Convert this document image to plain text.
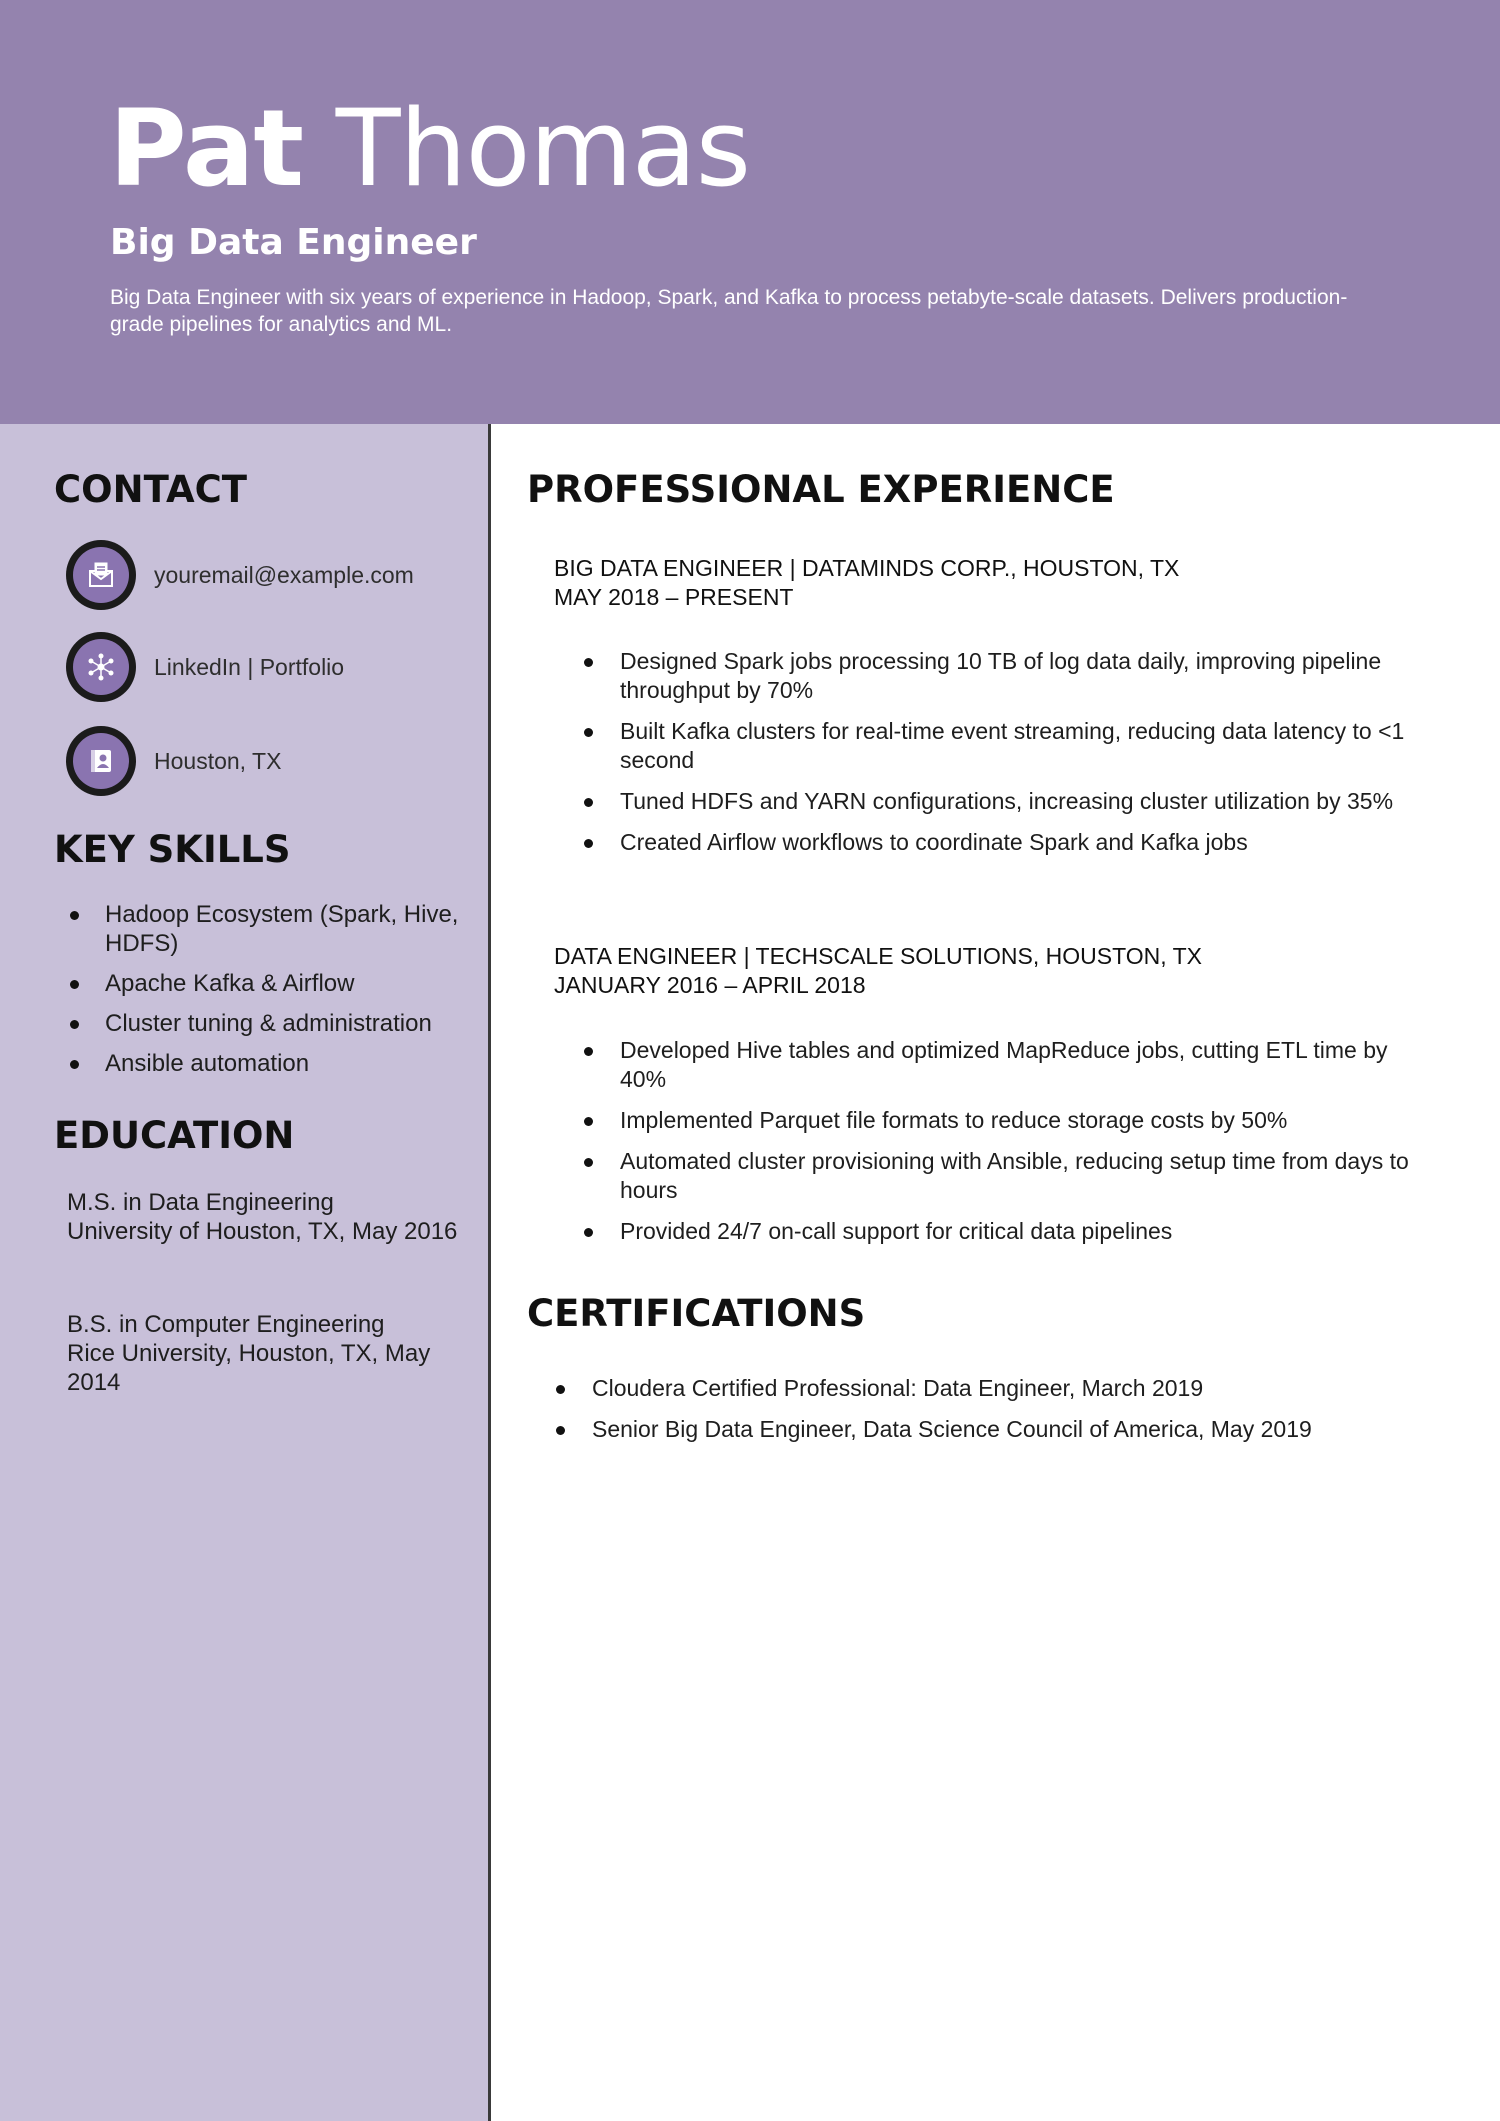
Pat Thomas
Big Data Engineer
Big Data Engineer with six years of experience in Hadoop, Spark, and Kafka to process petabyte-scale datasets. Delivers production-grade pipelines for analytics and ML.
CONTACT
youremail@example.com
LinkedIn | Portfolio
Houston, TX
KEY SKILLS
Hadoop Ecosystem (Spark, Hive, HDFS)
Apache Kafka & Airflow
Cluster tuning & administration
Ansible automation
EDUCATION
M.S. in Data Engineering
University of Houston, TX, May 2016
B.S. in Computer Engineering
Rice University, Houston, TX, May 2014
PROFESSIONAL EXPERIENCE
BIG DATA ENGINEER | DATAMINDS CORP., HOUSTON, TX
MAY 2018 – PRESENT
Designed Spark jobs processing 10 TB of log data daily, improving pipeline throughput by 70%
Built Kafka clusters for real-time event streaming, reducing data latency to <1 second
Tuned HDFS and YARN configurations, increasing cluster utilization by 35%
Created Airflow workflows to coordinate Spark and Kafka jobs
DATA ENGINEER | TECHSCALE SOLUTIONS, HOUSTON, TX
JANUARY 2016 – APRIL 2018
Developed Hive tables and optimized MapReduce jobs, cutting ETL time by 40%
Implemented Parquet file formats to reduce storage costs by 50%
Automated cluster provisioning with Ansible, reducing setup time from days to hours
Provided 24/7 on-call support for critical data pipelines
CERTIFICATIONS
Cloudera Certified Professional: Data Engineer, March 2019
Senior Big Data Engineer, Data Science Council of America, May 2019
